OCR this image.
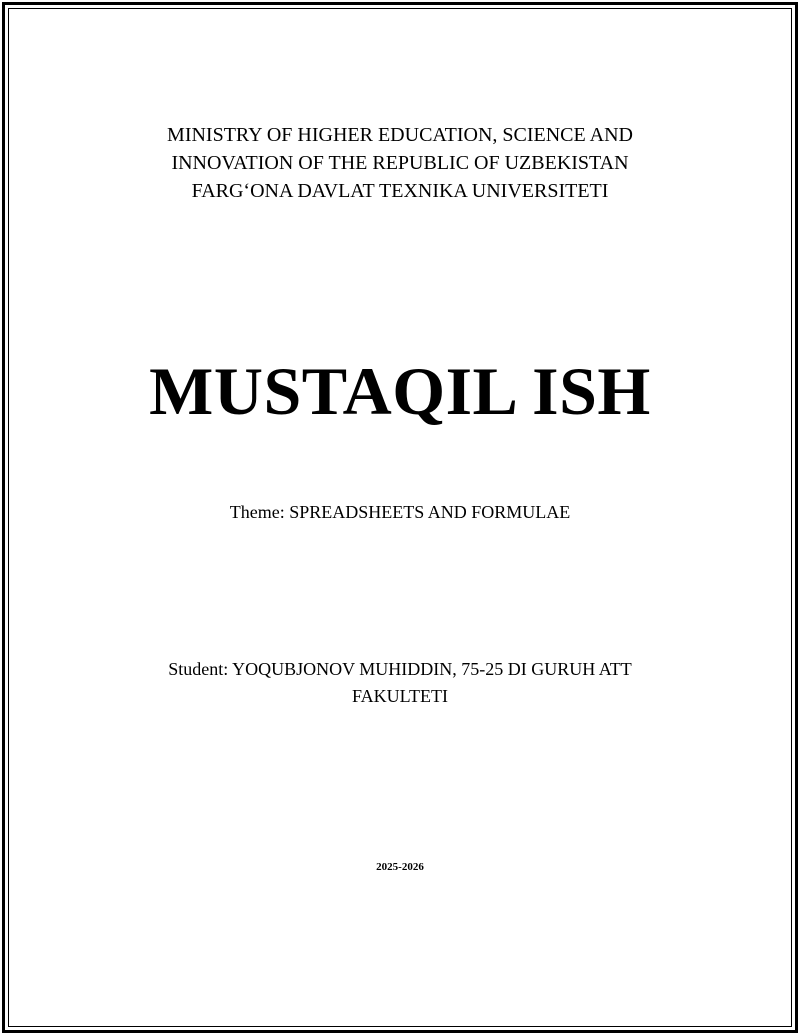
MINISTRY OF HIGHER EDUCATION, SCIENCE AND
INNOVATION OF THE REPUBLIC OF UZBEKISTAN
FARG‘ONA DAVLAT TEXNIKA UNIVERSITETI
MUSTAQIL ISH
Theme: SPREADSHEETS AND FORMULAE
Student: YOQUBJONOV MUHIDDIN, 75-25 DI GURUH ATT
FAKULTETI
2025-2026
